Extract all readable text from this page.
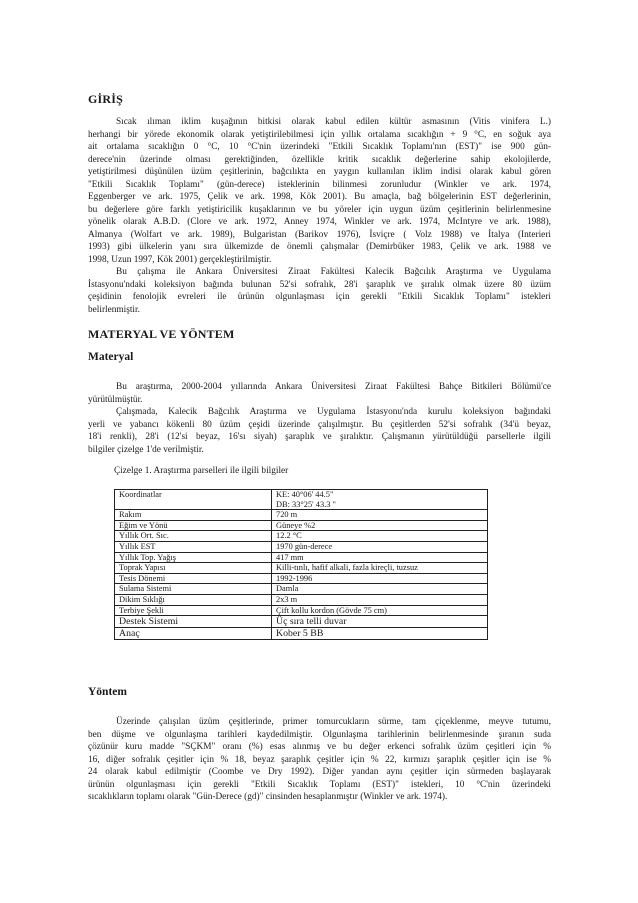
GİRİŞ
Sıcak ılıman iklim kuşağının bitkisi olarak kabul edilen kültür asmasının (Vitis vinifera L.)
herhangi bir yörede ekonomik olarak yetiştirilebilmesi için yıllık ortalama sıcaklığın + 9 °C, en soğuk aya
ait ortalama sıcaklığın 0 °C, 10 °C'nin üzerindeki "Etkili Sıcaklık Toplamı'nın (EST)" ise 900 gün-
derece'nin üzerinde olması gerektiğinden, özellikle kritik sıcaklık değerlerine sahip ekolojilerde,
yetiştirilmesi düşünülen üzüm çeşitlerinin, bağcılıkta en yaygın kullanılan iklim indisi olarak kabul gören
"Etkili Sıcaklık Toplamı" (gün-derece) isteklerinin bilinmesi zorunludur (Winkler ve ark. 1974,
Eggenberger ve ark. 1975, Çelik ve ark. 1998, Kök 2001). Bu amaçla, bağ bölgelerinin EST değerlerinin,
bu değerlere göre farklı yetiştiricilik kuşaklarının ve bu yöreler için uygun üzüm çeşitlerinin belirlenmesine
yönelik olarak A.B.D. (Clore ve ark. 1972, Anney 1974, Winkler ve ark. 1974, McIntyre ve ark. 1988),
Almanya (Wolfart ve ark. 1989), Bulgaristan (Barikov 1976), İsviçre ( Volz 1988) ve İtalya (Interieri
1993) gibi ülkelerin yanı sıra ülkemizde de önemli çalışmalar (Demirbüker 1983, Çelik ve ark. 1988 ve
1998, Uzun 1997, Kök 2001) gerçekleştirilmiştir.
Bu çalışma ile Ankara Üniversitesi Ziraat Fakültesi Kalecik Bağcılık Araştırma ve Uygulama
İstasyonu'ndaki koleksiyon bağında bulunan 52'si sofralık, 28'i şaraplık ve şıralık olmak üzere 80 üzüm
çeşidinin fenolojik evreleri ile ürünün olgunlaşması için gerekli "Etkili Sıcaklık Toplamı" istekleri
belirlenmiştir.
MATERYAL VE YÖNTEM
Materyal
Bu araştırma, 2000-2004 yıllarında Ankara Üniversitesi Ziraat Fakültesi Bahçe Bitkileri Bölümü'ce
yürütülmüştür.
Çalışmada, Kalecik Bağcılık Araştırma ve Uygulama İstasyonu'nda kurulu koleksiyon bağındaki
yerli ve yabancı kökenli 80 üzüm çeşidi üzerinde çalışılmıştır. Bu çeşitlerden 52'si sofralık (34'ü beyaz,
18'i renkli), 28'i (12'si beyaz, 16'sı siyah) şaraplık ve şıralıktır. Çalışmanın yürütüldüğü parsellerle ilgili
bilgiler çizelge 1'de verilmiştir.
Çizelge 1. Araştırma parselleri ile ilgili bilgiler
Koordinatlar	KE: 40°06' 44.5"
DB: 33°25' 43.3 "

Rakım	720 m
Eğim ve Yönü	Güneye %2
Yıllık Ort. Sıc.	12.2 °C
Yıllık EST	1970 gün-derece
Yıllık Top. Yağış	417 mm
Toprak Yapısı	Killi-tınlı, hafif alkali, fazla kireçli, tuzsuz
Tesis Dönemi	1992-1996
Sulama Sistemi	Damla
Dikim Sıklığı	2x3 m
Terbiye Şekli	Çift kollu kordon (Gövde 75 cm)
Destek Sistemi	Üç sıra telli duvar
Anaç	Kober 5 BB
Yöntem
Üzerinde çalışılan üzüm çeşitlerinde, primer tomurcukların sürme, tam çiçeklenme, meyve tutumu,
ben düşme ve olgunlaşma tarihleri kaydedilmiştir. Olgunlaşma tarihlerinin belirlenmesinde şıranın suda
çözünür kuru madde "SÇKM" oranı (%) esas alınmış ve bu değer erkenci sofralık üzüm çeşitleri için %
16, diğer sofralık çeşitler için % 18, beyaz şaraplık çeşitler için % 22, kırmızı şaraplık çeşitler için ise %
24 olarak kabul edilmiştir (Coombe ve Dry 1992). Diğer yandan aynı çeşitler için sürmeden başlayarak
ürünün olgunlaşması için gerekli "Etkili Sıcaklık Toplamı (EST)" istekleri, 10 °C'nin üzerindeki
sıcaklıkların toplamı olarak "Gün-Derece (gd)" cinsinden hesaplanmıştır (Winkler ve ark. 1974).
